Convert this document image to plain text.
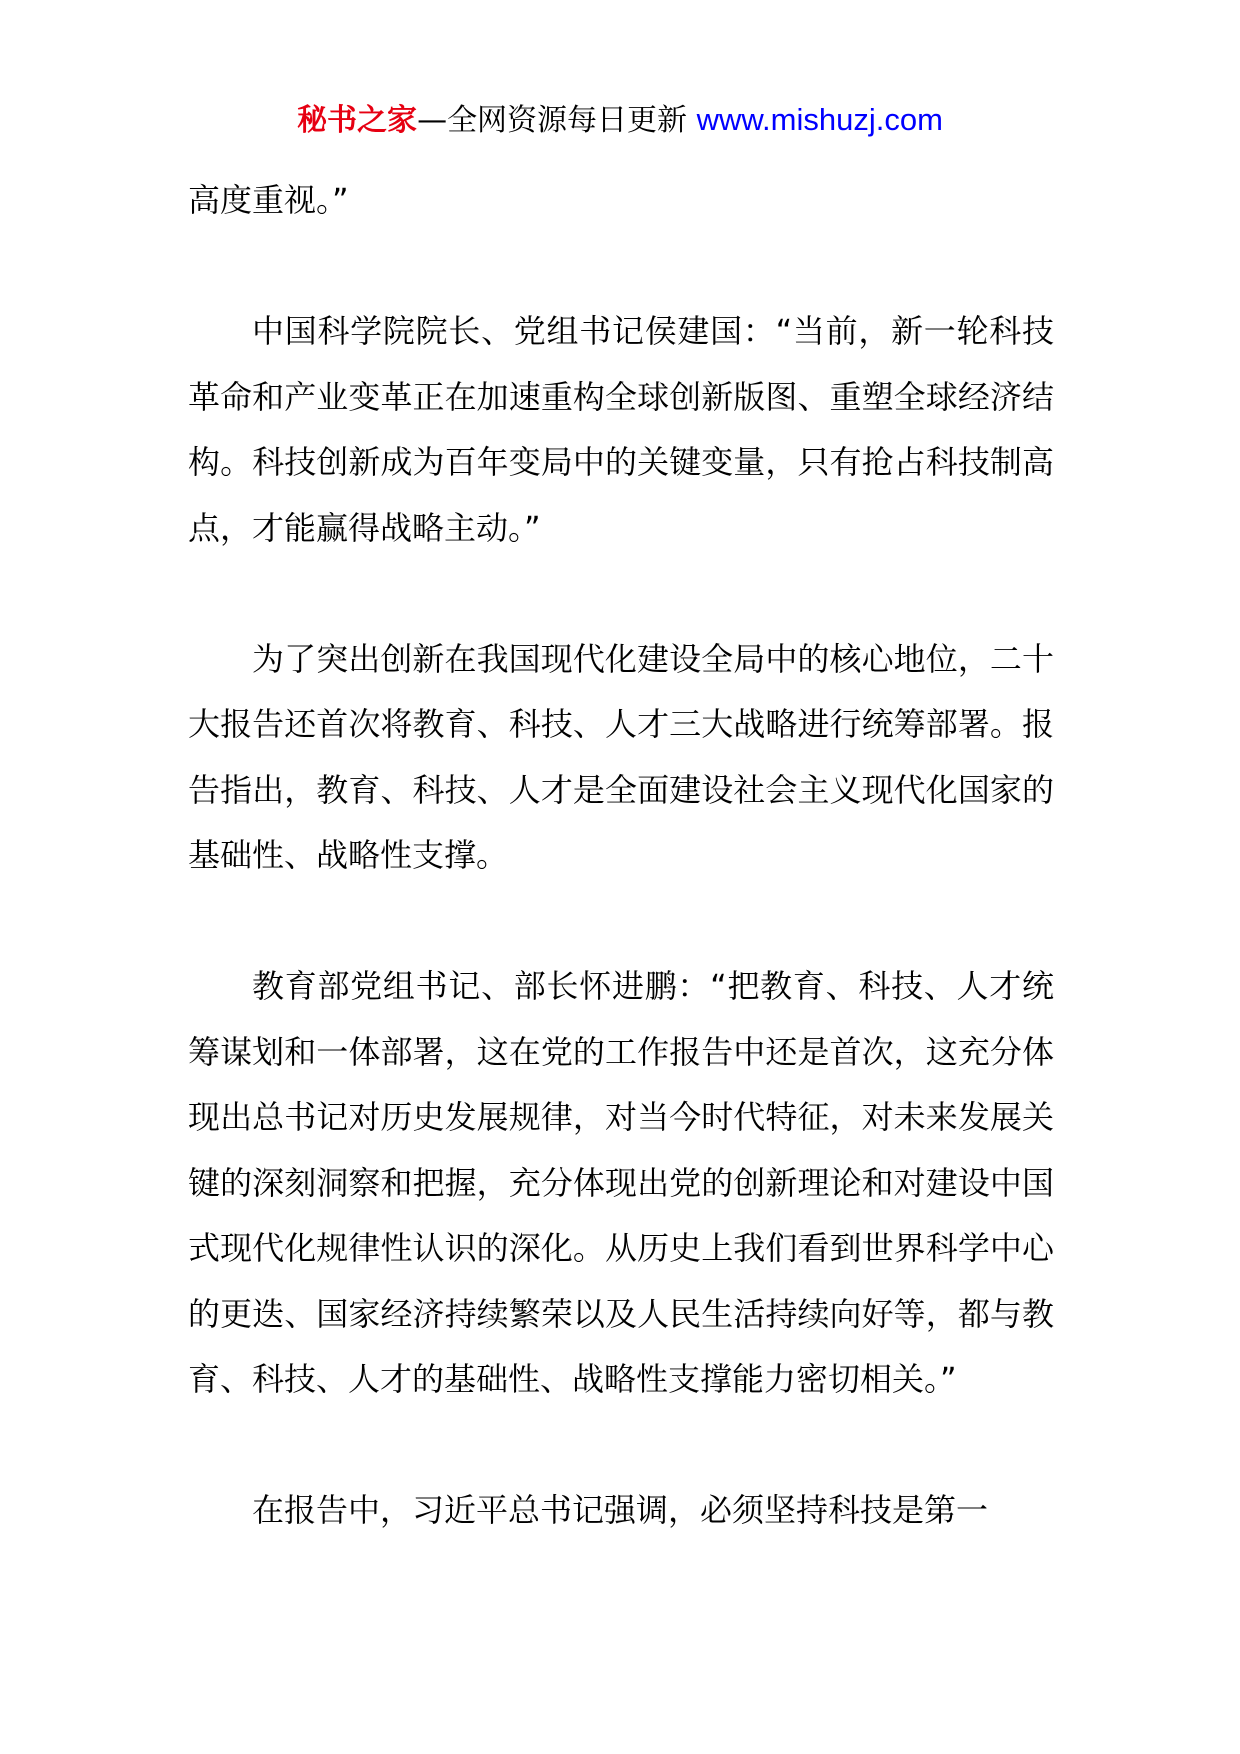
秘书之家—全网资源每日更新 www.mishuzj.com

高度重视。”

中国科学院院长、党组书记侯建国：“当前，新一轮科技革命和产业变革正在加速重构全球创新版图、重塑全球经济结构。科技创新成为百年变局中的关键变量，只有抢占科技制高点，才能赢得战略主动。”

为了突出创新在我国现代化建设全局中的核心地位，二十大报告还首次将教育、科技、人才三大战略进行统筹部署。报告指出，教育、科技、人才是全面建设社会主义现代化国家的基础性、战略性支撑。

教育部党组书记、部长怀进鹏：“把教育、科技、人才统筹谋划和一体部署，这在党的工作报告中还是首次，这充分体现出总书记对历史发展规律，对当今时代特征，对未来发展关键的深刻洞察和把握，充分体现出党的创新理论和对建设中国式现代化规律性认识的深化。从历史上我们看到世界科学中心的更迭、国家经济持续繁荣以及人民生活持续向好等，都与教育、科技、人才的基础性、战略性支撑能力密切相关。”

在报告中，习近平总书记强调，必须坚持科技是第一
